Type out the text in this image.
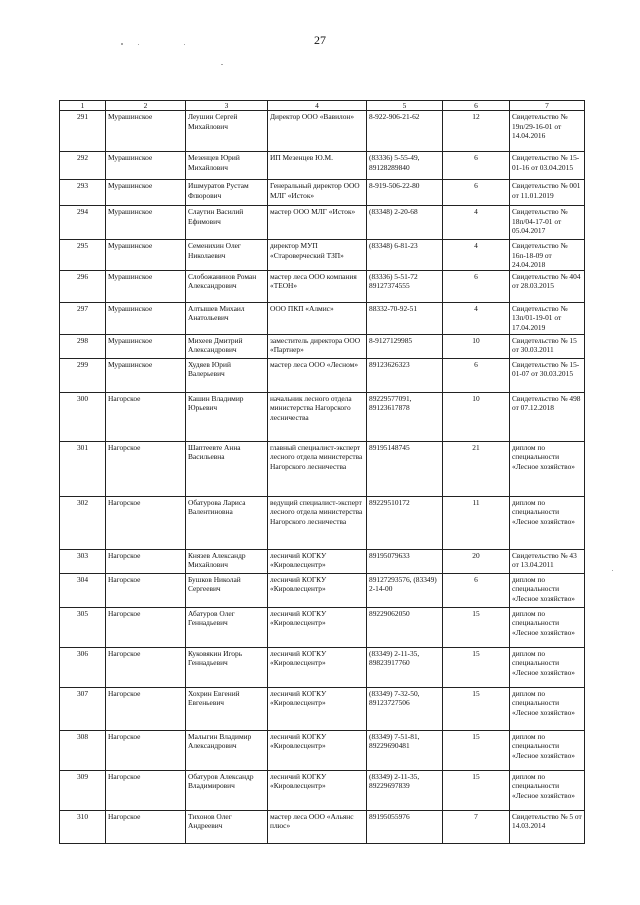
27
1	2	3	4	5	6	7
291	Мурашинское	Леушин Сергей Михайлович	Директор ООО «Вавилон»	8-922-906-21-62	12	Свидетельство № 19п/29-16-01 от 14.04.2016
292	Мурашинское	Мезенцев Юрий Михайлович	ИП Мезенцев Ю.М.	(83336) 5-55-49, 89128289840	6	Свидетельство № 15-01-16 от 03.04.2015
293	Мурашинское	Ишмуратов Рустам Флюрович	Генеральный директор ООО МЛГ «Исток»	8-919-506-22-80	6	Свидетельство № 001 от 11.01.2019
294	Мурашинское	Слаутин Василий Ефимович	мастер ООО МЛГ «Исток»	(83348) 2-20-68	4	Свидетельство № 18п/04-17-01 от 05.04.2017
295	Мурашинское	Семенихин Олег Николаевич	директор МУП «Староверческий ТЗП»	(83348) 6-81-23	4	Свидетельство № 16п-18-09 от 24.04.2018
296	Мурашинское	Слобожанинов Роман Александрович	мастер леса ООО компания «ТЕОН»	(83336) 5-51-72 89127374555	6	Свидетельство № 404 от 28.03.2015
297	Мурашинское	Алтышев Михаил Анатольевич	ООО ПКП «Алмис»	88332-70-92-51	4	Свидетельство № 13п/01-19-01 от 17.04.2019
298	Мурашинское	Михеев Дмитрий Александрович	заместитель директора ООО «Партнер»	8-9127129985	10	Свидетельство № 15 от 30.03.2011
299	Мурашинское	Худяев Юрий Валерьевич	мастер леса ООО «Лесном»	89123626323	6	Свидетельство № 15-01-07 от 30.03.2015
300	Нагорское	Кашин Владимир Юрьевич	начальник лесного отдела министерства Нагорского лесничества	89229577091, 89123617878	10	Свидетельство № 498 от 07.12.2018
301	Нагорское	Шаптеевте Анна Васильевна	главный специалист-эксперт лесного отдела министерства Нагорского лесничества	89195148745	21	диплом по специальности «Лесное хозяйство»
302	Нагорское	Обатурова Лариса Валентиновна	ведущий специалист-эксперт лесного отдела министерства Нагорского лесничества	89229510172	11	диплом по специальности «Лесное хозяйство»
303	Нагорское	Князев Александр Михайлович	лесничий КОГКУ «Кировлесцентр»	89195079633	20	Свидетельство № 43 от 13.04.2011
304	Нагорское	Бушков Николай Сергеевич	лесничий КОГКУ «Кировлесцентр»	89127293576, (83349) 2-14-00	6	диплом по специальности «Лесное хозяйство»
305	Нагорское	Абатуров Олег Геннадьевич	лесничий КОГКУ «Кировлесцентр»	89229062050	15	диплом по специальности «Лесное хозяйство»
306	Нагорское	Куковякин Игорь Геннадьевич	лесничий КОГКУ «Кировлесцентр»	(83349) 2-11-35, 89823917760	15	диплом по специальности «Лесное хозяйство»
307	Нагорское	Хохрин Евгений Евгеньевич	лесничий КОГКУ «Кировлесцентр»	(83349) 7-32-50, 89123727506	15	диплом по специальности «Лесное хозяйство»
308	Нагорское	Малыгин Владимир Александрович	лесничий КОГКУ «Кировлесцентр»	(83349) 7-51-81, 89229690481	15	диплом по специальности «Лесное хозяйство»
309	Нагорское	Обатуров Александр Владимирович	лесничий КОГКУ «Кировлесцентр»	(83349) 2-11-35, 89229697839	15	диплом по специальности «Лесное хозяйство»
310	Нагорское	Тихонов Олег Андреевич	мастер леса ООО «Альянс плюс»	89195055976	7	Свидетельство № 5 от 14.03.2014
